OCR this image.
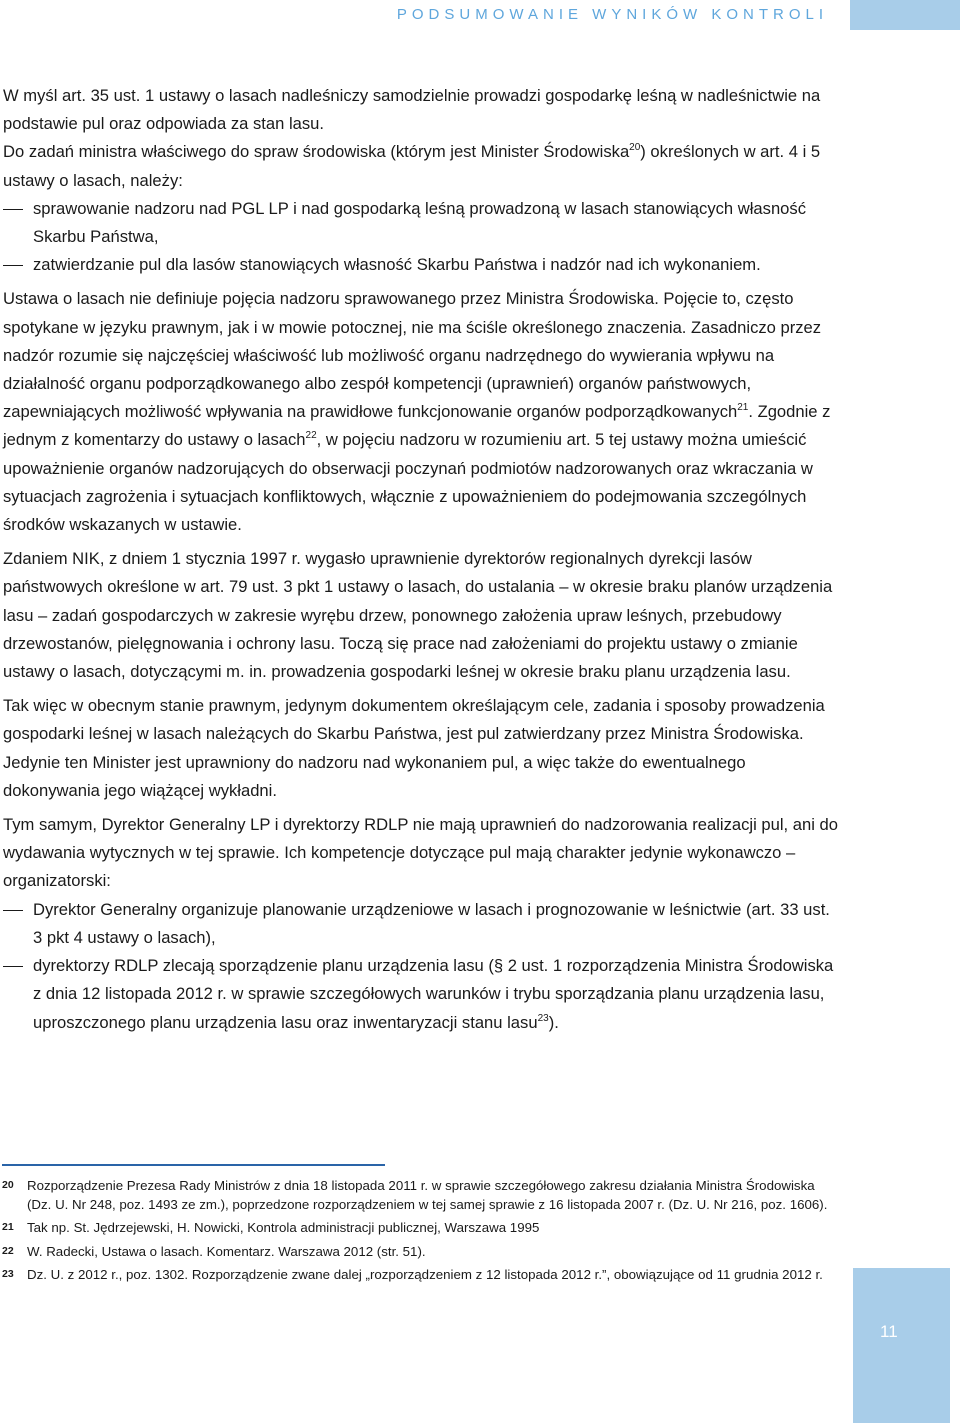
PODSUMOWANIE WYNIKÓW KONTROLI

W myśl art. 35 ust. 1 ustawy o lasach nadleśniczy samodzielnie prowadzi gospodarkę leśną w nadleśnictwie na podstawie pul oraz odpowiada za stan lasu.

Do zadań ministra właściwego do spraw środowiska (którym jest Minister Środowiska$^{20}$) określonych w art. 4 i 5 ustawy o lasach, należy:

sprawowanie nadzoru nad PGL LP i nad gospodarką leśną prowadzoną w lasach stanowiących własność Skarbu Państwa,
zatwierdzanie pul dla lasów stanowiących własność Skarbu Państwa i nadzór nad ich wykonaniem.

Ustawa o lasach nie definiuje pojęcia nadzoru sprawowanego przez Ministra Środowiska. Pojęcie to, często spotykane w języku prawnym, jak i w mowie potocznej, nie ma ściśle określonego znaczenia. Zasadniczo przez nadzór rozumie się najczęściej właściwość lub możliwość organu nadrzędnego do wywierania wpływu na działalność organu podporządkowanego albo zespół kompetencji (uprawnień) organów państwowych, zapewniających możliwość wpływania na prawidłowe funkcjonowanie organów podporządkowanych$^{21}$. Zgodnie z jednym z komentarzy do ustawy o lasach$^{22}$, w pojęciu nadzoru w rozumieniu art. 5 tej ustawy można umieścić upoważnienie organów nadzorujących do obserwacji poczynań podmiotów nadzorowanych oraz wkraczania w sytuacjach zagrożenia i sytuacjach konfliktowych, włącznie z upoważnieniem do podejmowania szczególnych środków wskazanych w ustawie.

Zdaniem NIK, z dniem 1 stycznia 1997 r. wygasło uprawnienie dyrektorów regionalnych dyrekcji lasów państwowych określone w art. 79 ust. 3 pkt 1 ustawy o lasach, do ustalania – w okresie braku planów urządzenia lasu – zadań gospodarczych w zakresie wyrębu drzew, ponownego założenia upraw leśnych, przebudowy drzewostanów, pielęgnowania i ochrony lasu. Toczą się prace nad założeniami do projektu ustawy o zmianie ustawy o lasach, dotyczącymi m. in. prowadzenia gospodarki leśnej w okresie braku planu urządzenia lasu.

Tak więc w obecnym stanie prawnym, jedynym dokumentem określającym cele, zadania i sposoby prowadzenia gospodarki leśnej w lasach należących do Skarbu Państwa, jest pul zatwierdzany przez Ministra Środowiska. Jedynie ten Minister jest uprawniony do nadzoru nad wykonaniem pul, a więc także do ewentualnego dokonywania jego wiążącej wykładni.

Tym samym, Dyrektor Generalny LP i dyrektorzy RDLP nie mają uprawnień do nadzorowania realizacji pul, ani do wydawania wytycznych w tej sprawie. Ich kompetencje dotyczące pul mają charakter jedynie wykonawczo – organizatorski:

Dyrektor Generalny organizuje planowanie urządzeniowe w lasach i prognozowanie w leśnictwie (art. 33 ust. 3 pkt 4 ustawy o lasach),
dyrektorzy RDLP zlecają sporządzenie planu urządzenia lasu (§ 2 ust. 1 rozporządzenia Ministra Środowiska z dnia 12 listopada 2012 r. w sprawie szczegółowych warunków i trybu sporządzania planu urządzenia lasu, uproszczonego planu urządzenia lasu oraz inwentaryzacji stanu lasu$^{23}$).
20	Rozporządzenie Prezesa Rady Ministrów z dnia 18 listopada 2011 r. w sprawie szczegółowego zakresu działania Ministra Środowiska (Dz. U. Nr 248, poz. 1493 ze zm.), poprzedzone rozporządzeniem w tej samej sprawie z 16 listopada 2007 r. (Dz. U. Nr 216, poz. 1606).
21	Tak np. St. Jędrzejewski, H. Nowicki, Kontrola administracji publicznej, Warszawa 1995
22	W. Radecki, Ustawa o lasach. Komentarz. Warszawa 2012 (str. 51).
23	Dz. U. z 2012 r., poz. 1302. Rozporządzenie zwane dalej „rozporządzeniem z 12 listopada 2012 r.”, obowiązujące od 11 grudnia 2012 r.
11
